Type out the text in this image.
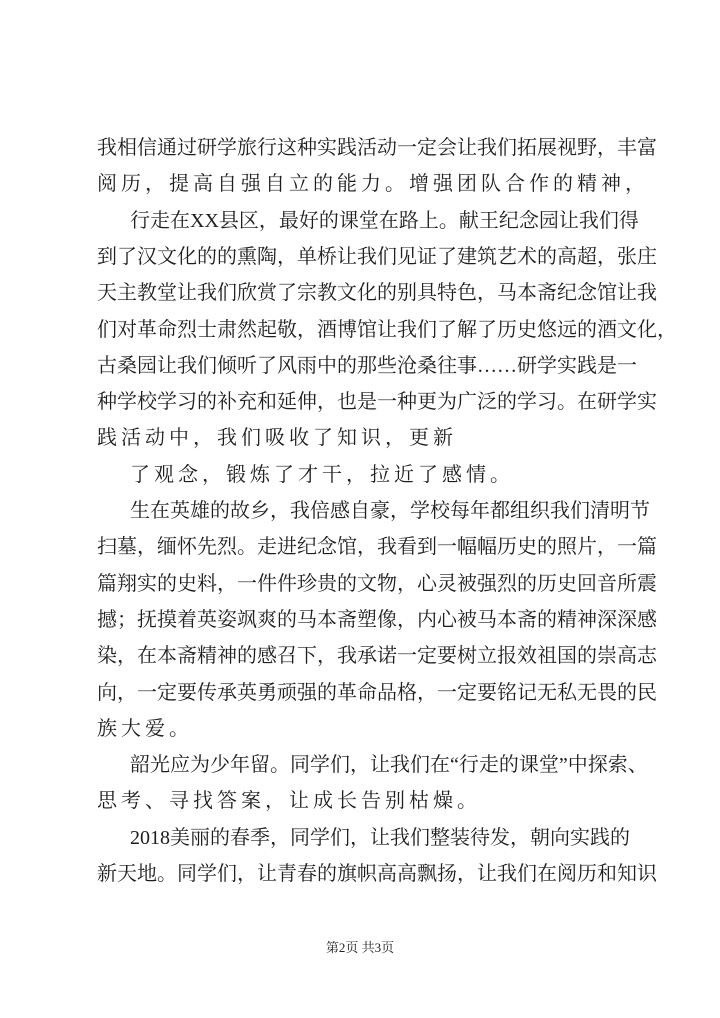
我相信通过研学旅行这种实践活动一定会让我们拓展视野，丰富
阅历，提高自强自立的能力。增强团队合作的精神，
行走在XX县区，最好的课堂在路上。献王纪念园让我们得
到了汉文化的的熏陶，单桥让我们见证了建筑艺术的高超，张庄
天主教堂让我们欣赏了宗教文化的别具特色，马本斋纪念馆让我
们对革命烈士肃然起敬，酒博馆让我们了解了历史悠远的酒文化，
古桑园让我们倾听了风雨中的那些沧桑往事……研学实践是一
种学校学习的补充和延伸，也是一种更为广泛的学习。在研学实
践活动中，我们吸收了知识，更新
了观念，锻炼了才干，拉近了感情。
生在英雄的故乡，我倍感自豪，学校每年都组织我们清明节
扫墓，缅怀先烈。走进纪念馆，我看到一幅幅历史的照片，一篇
篇翔实的史料，一件件珍贵的文物，心灵被强烈的历史回音所震
撼；抚摸着英姿飒爽的马本斋塑像，内心被马本斋的精神深深感
染，在本斋精神的感召下，我承诺一定要树立报效祖国的崇高志
向，一定要传承英勇顽强的革命品格，一定要铭记无私无畏的民
族大爱。
韶光应为少年留。同学们，让我们在“行走的课堂”中探索、
思考、寻找答案，让成长告别枯燥。
2018美丽的春季，同学们，让我们整装待发，朝向实践的
新天地。同学们，让青春的旗帜高高飘扬，让我们在阅历和知识
第2页 共3页
